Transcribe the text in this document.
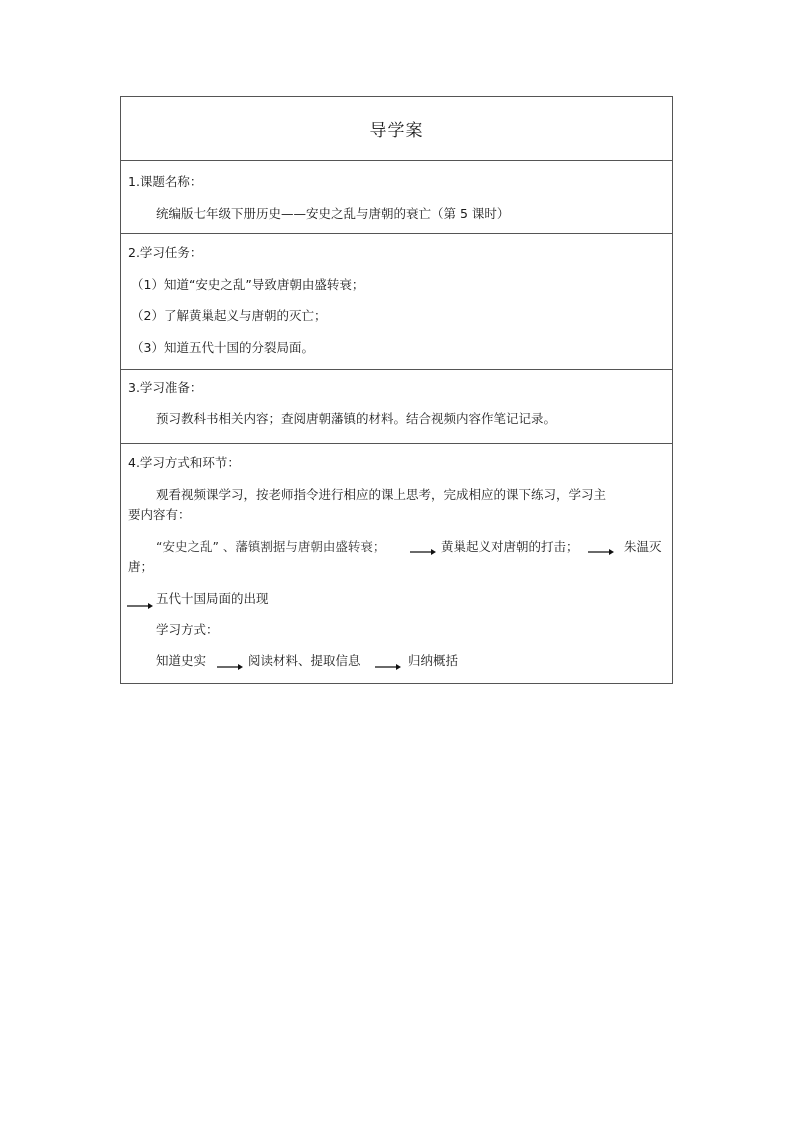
导学案
1.课题名称：
统编版七年级下册历史——安史之乱与唐朝的衰亡（第 5 课时）
2.学习任务：
（1）知道“安史之乱”导致唐朝由盛转衰；
（2）了解黄巢起义与唐朝的灭亡；
（3）知道五代十国的分裂局面。
3.学习准备：
预习教科书相关内容；查阅唐朝藩镇的材料。结合视频内容作笔记记录。
4.学习方式和环节：
观看视频课学习，按老师指令进行相应的课上思考，完成相应的课下练习，学习主
要内容有：
“安史之乱” 、藩镇割据与唐朝由盛转衰；	黄巢起义对唐朝的打击；	朱温灭
唐；
五代十国局面的出现
学习方式：
知道史实	阅读材料、提取信息	归纳概括
